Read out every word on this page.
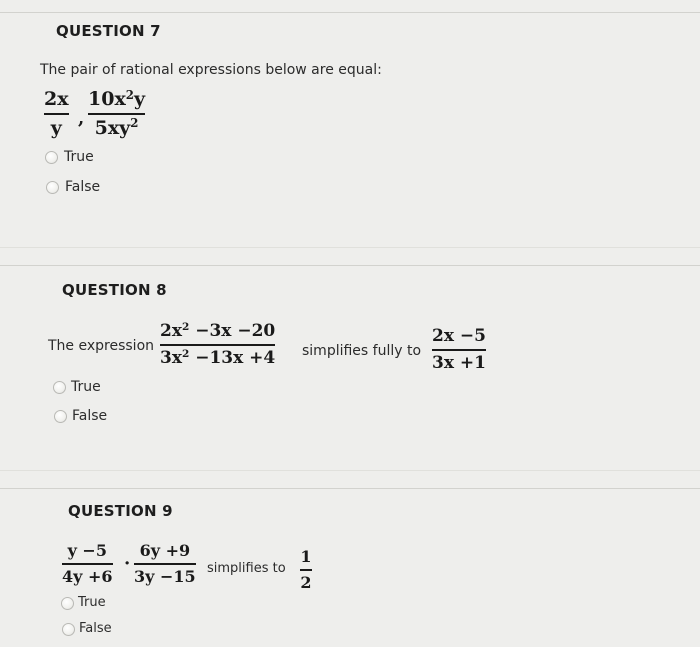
QUESTION 7
The pair of rational expressions below are equal:
2x
y ,
$10x^2y$
$5xy^2$
True
False
QUESTION 8
The expression
$2x^2 -3x -20$
$3x^2 -13x +4$ simplifies fully to
2x −5
3x +1
True
False
QUESTION 9
y −5
4y +6
·
6y +9
3y −15 simplifies to
1
2
True
False
